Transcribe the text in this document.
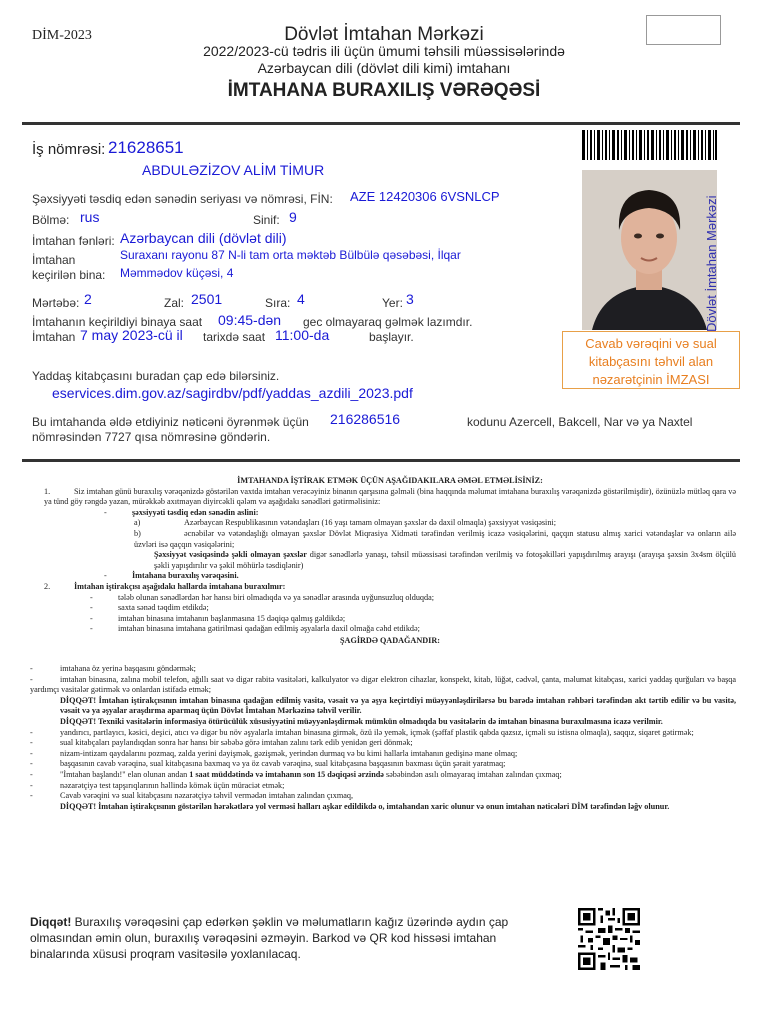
DİM-2023	Dövlət İmtahan Mərkəzi
2022/2023-cü tədris ili üçün ümumi təhsili müəssisələrində
Azərbaycan dili (dövlət dili kimi) imtahanı
İMTAHANA BURAXILIŞ VƏRƏQƏSİ
Dövlət İmtahan Mərkəzi
Cavab vərəqini və sual kitabçasını təhvil alan nəzarətçinin İMZASI
İş nömrəsi: 21628651
ABDULƏZİZOV ALİM TİMUR
Şəxsiyyəti təsdiq edən sənədin seriyası və nömrəsi, FİN: AZE 12420306 6VSNLCP
Bölmə: rus	Sinif: 9
İmtahan fənləri: Azərbaycan dili (dövlət dili)
İmtahan
keçirilən bina:
Suraxanı rayonu 87 N-li tam orta məktəb Bülbülə qəsəbəsi, İlqar
Məmmədov küçəsi, 4
Mərtəbə: 2	Zal: 2501	Sıra: 4	Yer: 3
İmtahanın keçirildiyi binaya saat 09:45-dən gec olmayaraq gəlmək lazımdır.
İmtahan 7 may 2023-cü il tarixdə saat 11:00-da	başlayır.
Yaddaş kitabçasını buradan çap edə bilərsiniz.
eservices.dim.gov.az/sagirdbv/pdf/yaddas_azdili_2023.pdf
Bu imtahanda əldə etdiyiniz nəticəni öyrənmək üçün 216286516	kodunu Azercell, Bakcell, Nar və ya Naxtel
nömrəsindən 7727 qısa nömrəsinə göndərin.

İMTAHANDA İŞTİRAK ETMƏK ÜÇÜN AŞAĞIDAKILARA ƏMƏL ETMƏLİSİNİZ:

1.	Siz imtahan günü buraxılış vərəqənizdə göstərilən vaxtda imtahan verəcəyiniz binanın qarşısına gəlməli (bina haqqında məlumat imtahana buraxılış vərəqənizdə göstərilmişdir), özünüzlə mütləq qara və ya tünd göy rəngdə yazan, mürəkkəb axıtmayan diyircəkli qələm və aşağıdakı sənədləri gətirməlisiniz:

-	şəxsiyyəti təsdiq edən sənədin aslini:

a)	Azərbaycan Respublikasının vətəndaşları (16 yaşı tamam olmayan şəxslər də daxil olmaqla) şəxsiyyət vəsiqəsini;

b)	əcnəbilər və vətəndaşlığı olmayan şəxslər Dövlət Miqrasiya Xidməti tərəfindən verilmiş icazə vəsiqələrini, qaçqın statusu almış xarici vətəndaşlar və onların ailə üzvləri isə qaçqın vəsiqələrini;

Şəxsiyyət vəsiqəsində şəkli olmayan şəxslər digər sənədlərlə yanaşı, təhsil müəssisəsi tərəfindən verilmiş və fotoşəkilləri yapışdırılmış arayışı (arayışa şəxsin 3x4sm ölçülü şəkli yapışdırılır və şəkil möhürlə təsdiqlənir)

-	İmtahana buraxılış vərəqəsini.

2.	İmtahan iştirakçısı aşağıdakı hallarda imtahana buraxılmır:

-	tələb olunan sənədlərdən hər hansı biri olmadıqda və ya sənədlər arasında uyğunsuzluq olduqda;

-	saxta sənəd təqdim etdikdə;

-	imtahan binasına imtahanın başlanmasına 15 dəqiqə qalmış gəldikdə;

-	imtahan binasına imtahana gətirilməsi qadağan edilmiş əşyalarla daxil olmağa cəhd etdikdə;

ŞAGİRDƏ QADAĞANDIR:

-	imtahana öz yerinə başqasını göndərmək;

-	imtahan binasına, zalına mobil telefon, ağıllı saat və digər rabitə vasitələri, kalkulyator və digər elektron cihazlar, konspekt, kitab, lüğət, cədvəl, çanta, məlumat kitabçası, xarici yaddaş qurğuları və başqa yardımçı vasitələr gətirmək və onlardan istifadə etmək;

DİQQƏT! İmtahan iştirakçısının imtahan binasına qadağan edilmiş vasitə, vəsait və ya əşya keçirtdiyi müəyyənləşdirilərsə bu barədə imtahan rəhbəri tərəfindən akt tərtib edilir və bu vasitə, vəsait və ya əşyalar araşdırma aparmaq üçün Dövlət İmtahan Mərkəzinə təhvil verilir.

DİQQƏT! Texniki vasitələrin informasiya ötürücülük xüsusiyyətini müəyyənləşdirmək mümkün olmadıqda bu vasitələrin də imtahan binasına buraxılmasına icazə verilmir.

-	yandırıcı, partlayıcı, kəsici, deşici, atıcı və digər bu növ əşyalarla imtahan binasına girmək, özü ilə yemək, içmək (şəffaf plastik qabda qazsız, içməli su istisna olmaqla), saqqız, siqaret gətirmək;

-	sual kitabçaları paylandıqdan sonra hər hansı bir səbəbə görə imtahan zalını tərk edib yenidən geri dönmək;

-	nizam-intizam qaydalarını pozmaq, zalda yerini dəyişmək, gəzişmək, yerindən durmaq və bu kimi hallarla imtahanın gedişinə mane olmaq;

-	başqasının cavab vərəqinə, sual kitabçasına baxmaq və ya öz cavab vərəqinə, sual kitabçasına başqasının baxması üçün şərait yaratmaq;

-	"İmtahan başlandı!" elan olunan andan 1 saat müddətində və imtahanın son 15 dəqiqəsi ərzində səbəbindən asılı olmayaraq imtahan zalından çıxmaq;

-	nəzarətçiyə test tapşırıqlarının həllində kömək üçün müraciət etmək;

-	Cavab vərəqini və sual kitabçasını nəzarətçiyə təhvil vermədən imtahan zalından çıxmaq,

DİQQƏT! İmtahan iştirakçısının göstərilən hərəkətlərə yol verməsi halları aşkar edildikdə o, imtahandan xaric olunur və onun imtahan nəticələri DİM tərəfindən ləğv olunur.

Diqqət! Buraxılış vərəqəsini çap edərkən şəklin və məlumatların kağız üzərində aydın çap olmasından əmin olun, buraxılış vərəqəsini əzməyin. Barkod və QR kod hissəsi imtahan binalarında xüsusi proqram vasitəsilə yoxlanılacaq.
